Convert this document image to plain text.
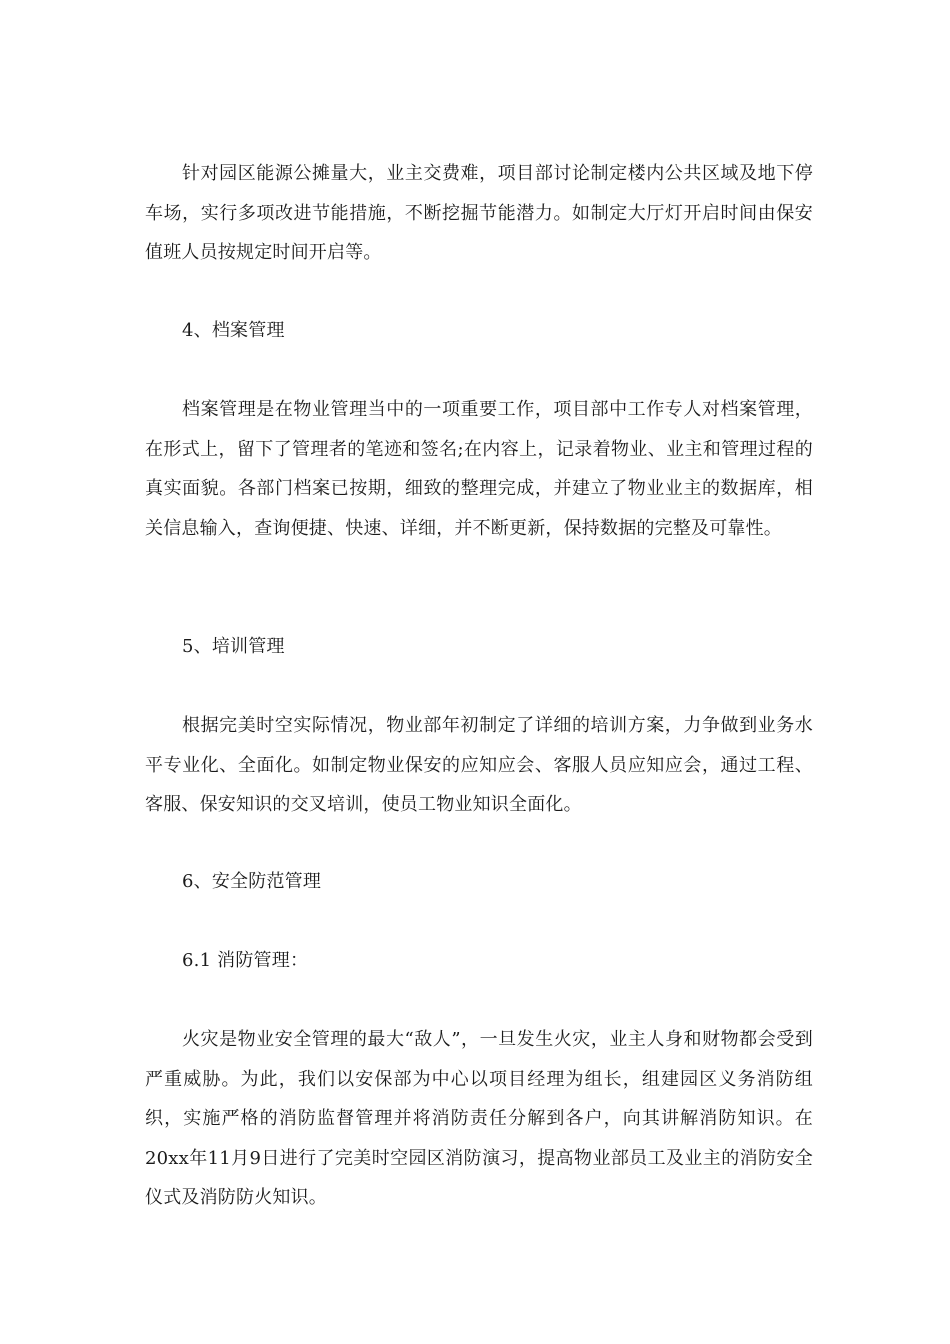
针对园区能源公摊量大，业主交费难，项目部讨论制定楼内公共区域及地下停车场，实行多项改进节能措施，不断挖掘节能潜力。如制定大厅灯开启时间由保安值班人员按规定时间开启等。

4、档案管理

档案管理是在物业管理当中的一项重要工作，项目部中工作专人对档案管理，在形式上，留下了管理者的笔迹和签名;在内容上，记录着物业、业主和管理过程的真实面貌。各部门档案已按期，细致的整理完成，并建立了物业业主的数据库，相关信息输入，查询便捷、快速、详细，并不断更新，保持数据的完整及可靠性。

5、培训管理

根据完美时空实际情况，物业部年初制定了详细的培训方案，力争做到业务水平专业化、全面化。如制定物业保安的应知应会、客服人员应知应会，通过工程、客服、保安知识的交叉培训，使员工物业知识全面化。

6、安全防范管理

6.1 消防管理：

火灾是物业安全管理的最大“敌人”，一旦发生火灾，业主人身和财物都会受到严重威胁。为此，我们以安保部为中心以项目经理为组长，组建园区义务消防组织，实施严格的消防监督管理并将消防责任分解到各户，向其讲解消防知识。在20xx年11月9日进行了完美时空园区消防演习，提高物业部员工及业主的消防安全仪式及消防防火知识。
